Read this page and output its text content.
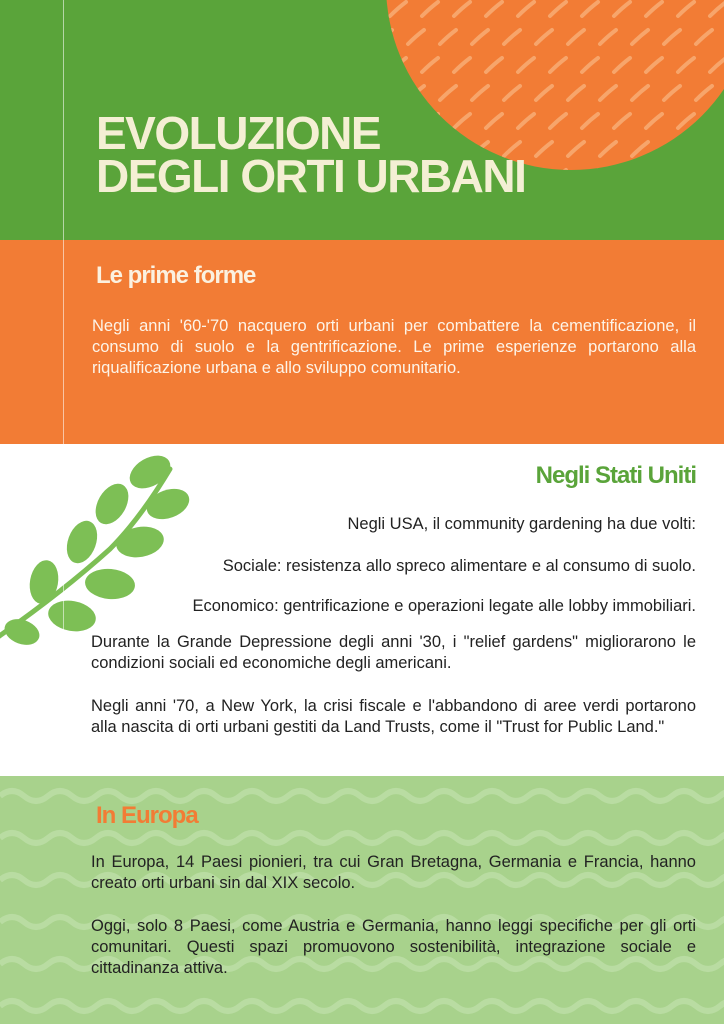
EVOLUZIONE
DEGLI ORTI URBANI
Le prime forme

Negli anni '60-'70 nacquero orti urbani per combattere la cementificazione, il consumo di suolo e la gentrificazione. Le prime esperienze portarono alla riqualificazione urbana e allo sviluppo comunitario.

Negli Stati Uniti

Negli USA, il community gardening ha due volti:

Sociale: resistenza allo spreco alimentare e al consumo di suolo.

Economico: gentrificazione e operazioni legate alle lobby immobiliari.

Durante la Grande Depressione degli anni '30, i "relief gardens" migliorarono le condizioni sociali ed economiche degli americani.

Negli anni '70, a New York, la crisi fiscale e l'abbandono di aree verdi portarono alla nascita di orti urbani gestiti da Land Trusts, come il "Trust for Public Land."

In Europa

In Europa, 14 Paesi pionieri, tra cui Gran Bretagna, Germania e Francia, hanno creato orti urbani sin dal XIX secolo.

Oggi, solo 8 Paesi, come Austria e Germania, hanno leggi specifiche per gli orti comunitari. Questi spazi promuovono sostenibilità, integrazione sociale e cittadinanza attiva.
